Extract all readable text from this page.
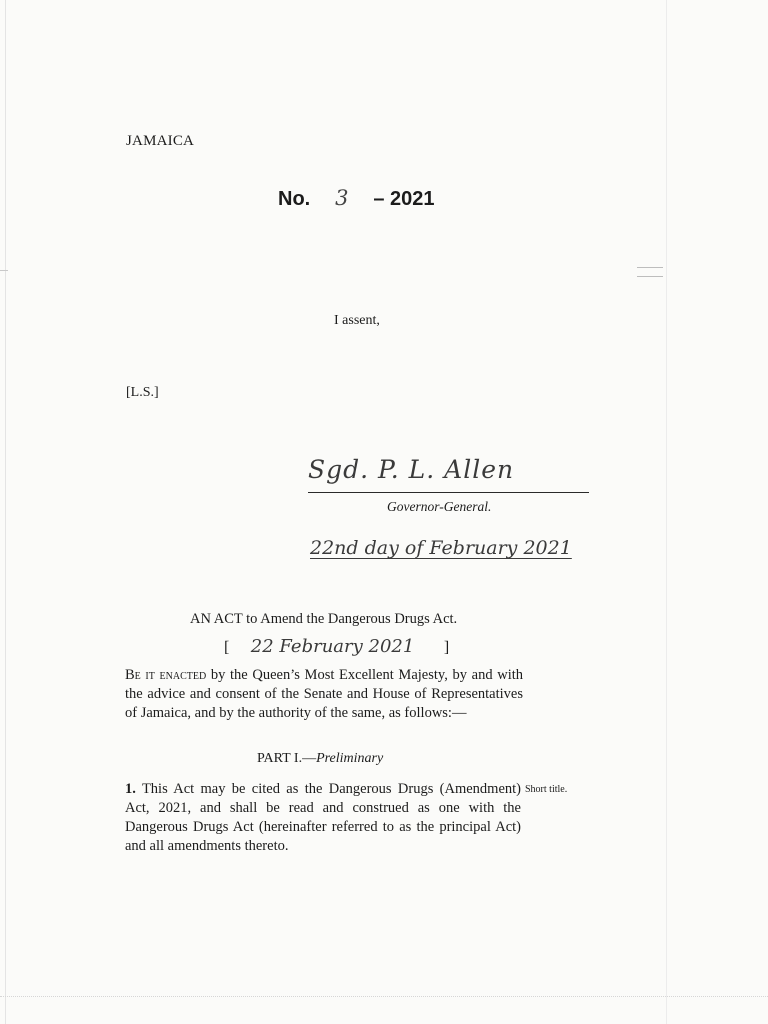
JAMAICA
No. 3 – 2021
I assent,
[L.S.]
Sgd. P. L. Allen
Governor-General.
22nd day of February 2021
AN ACT to Amend the Dangerous Drugs Act.
[ 22 February 2021 ]
Be it enacted by the Queen’s Most Excellent Majesty, by and with the advice and consent of the Senate and House of Representatives of Jamaica, and by the authority of the same, as follows:—
PART I.—Preliminary
1. This Act may be cited as the Dangerous Drugs (Amendment) Act, 2021, and shall be read and construed as one with the Dangerous Drugs Act (hereinafter referred to as the principal Act) and all amendments thereto.
Short title.
